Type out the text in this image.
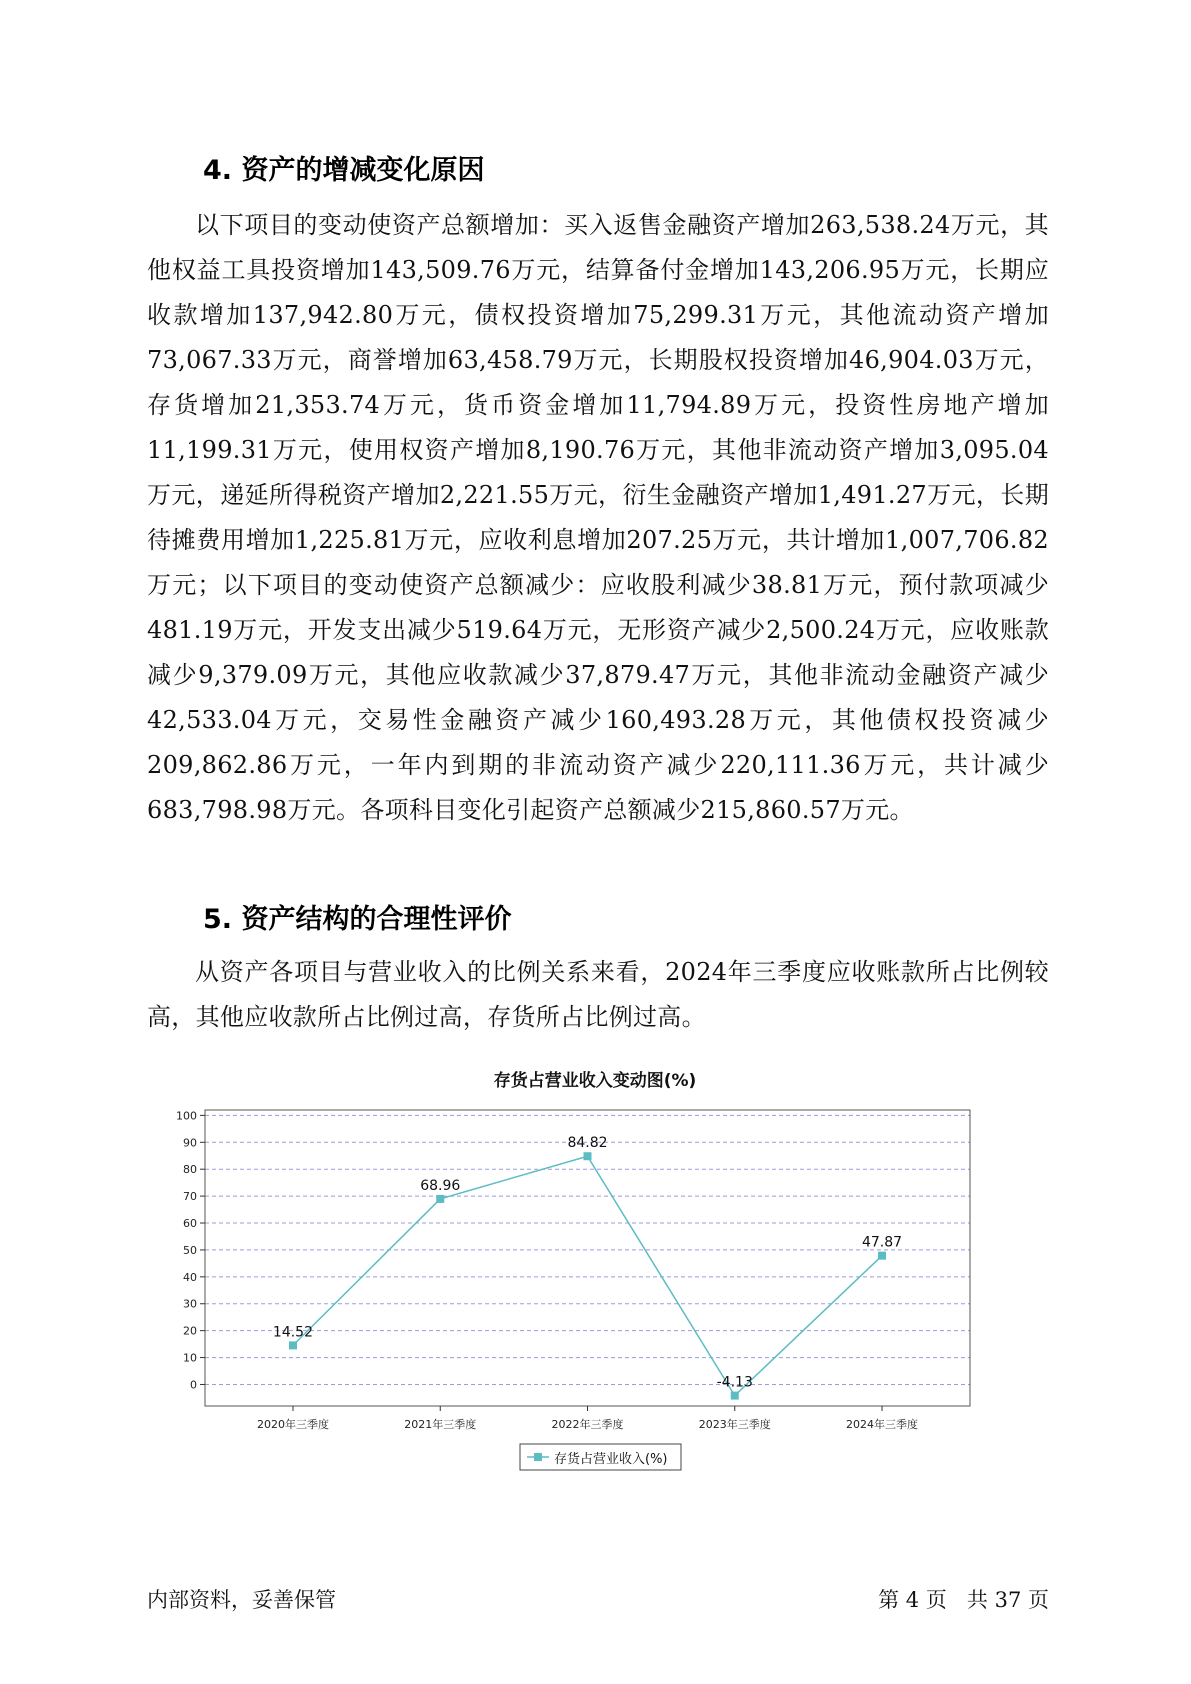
4. 资产的增减变化原因

以下项目的变动使资产总额增加：买入返售金融资产增加263,538.24万元，其他权益工具投资增加143,509.76万元，结算备付金增加143,206.95万元，长期应收款增加137,942.80万元，债权投资增加75,299.31万元，其他流动资产增加73,067.33万元，商誉增加63,458.79万元，长期股权投资增加46,904.03万元，存货增加21,353.74万元，货币资金增加11,794.89万元，投资性房地产增加11,199.31万元，使用权资产增加8,190.76万元，其他非流动资产增加3,095.04万元，递延所得税资产增加2,221.55万元，衍生金融资产增加1,491.27万元，长期待摊费用增加1,225.81万元，应收利息增加207.25万元，共计增加1,007,706.82万元；以下项目的变动使资产总额减少：应收股利减少38.81万元，预付款项减少481.19万元，开发支出减少519.64万元，无形资产减少2,500.24万元，应收账款减少9,379.09万元，其他应收款减少37,879.47万元，其他非流动金融资产减少42,533.04万元，交易性金融资产减少160,493.28万元，其他债权投资减少209,862.86万元，一年内到期的非流动资产减少220,111.36万元，共计减少683,798.98万元。各项科目变化引起资产总额减少215,860.57万元。

5. 资产结构的合理性评价

从资产各项目与营业收入的比例关系来看，2024年三季度应收账款所占比例较高，其他应收款所占比例过高，存货所占比例过高。

存货占营业收入变动图(%)
0
10
20
30
40
50
60
70
80
90
100
2020年三季度	2021年三季度	2022年三季度	2023年三季度	2024年三季度
14.52
68.96
84.82
-4.13
47.87
存货占营业收入(%)
内部资料，妥善保管	第 4 页 共 37 页
